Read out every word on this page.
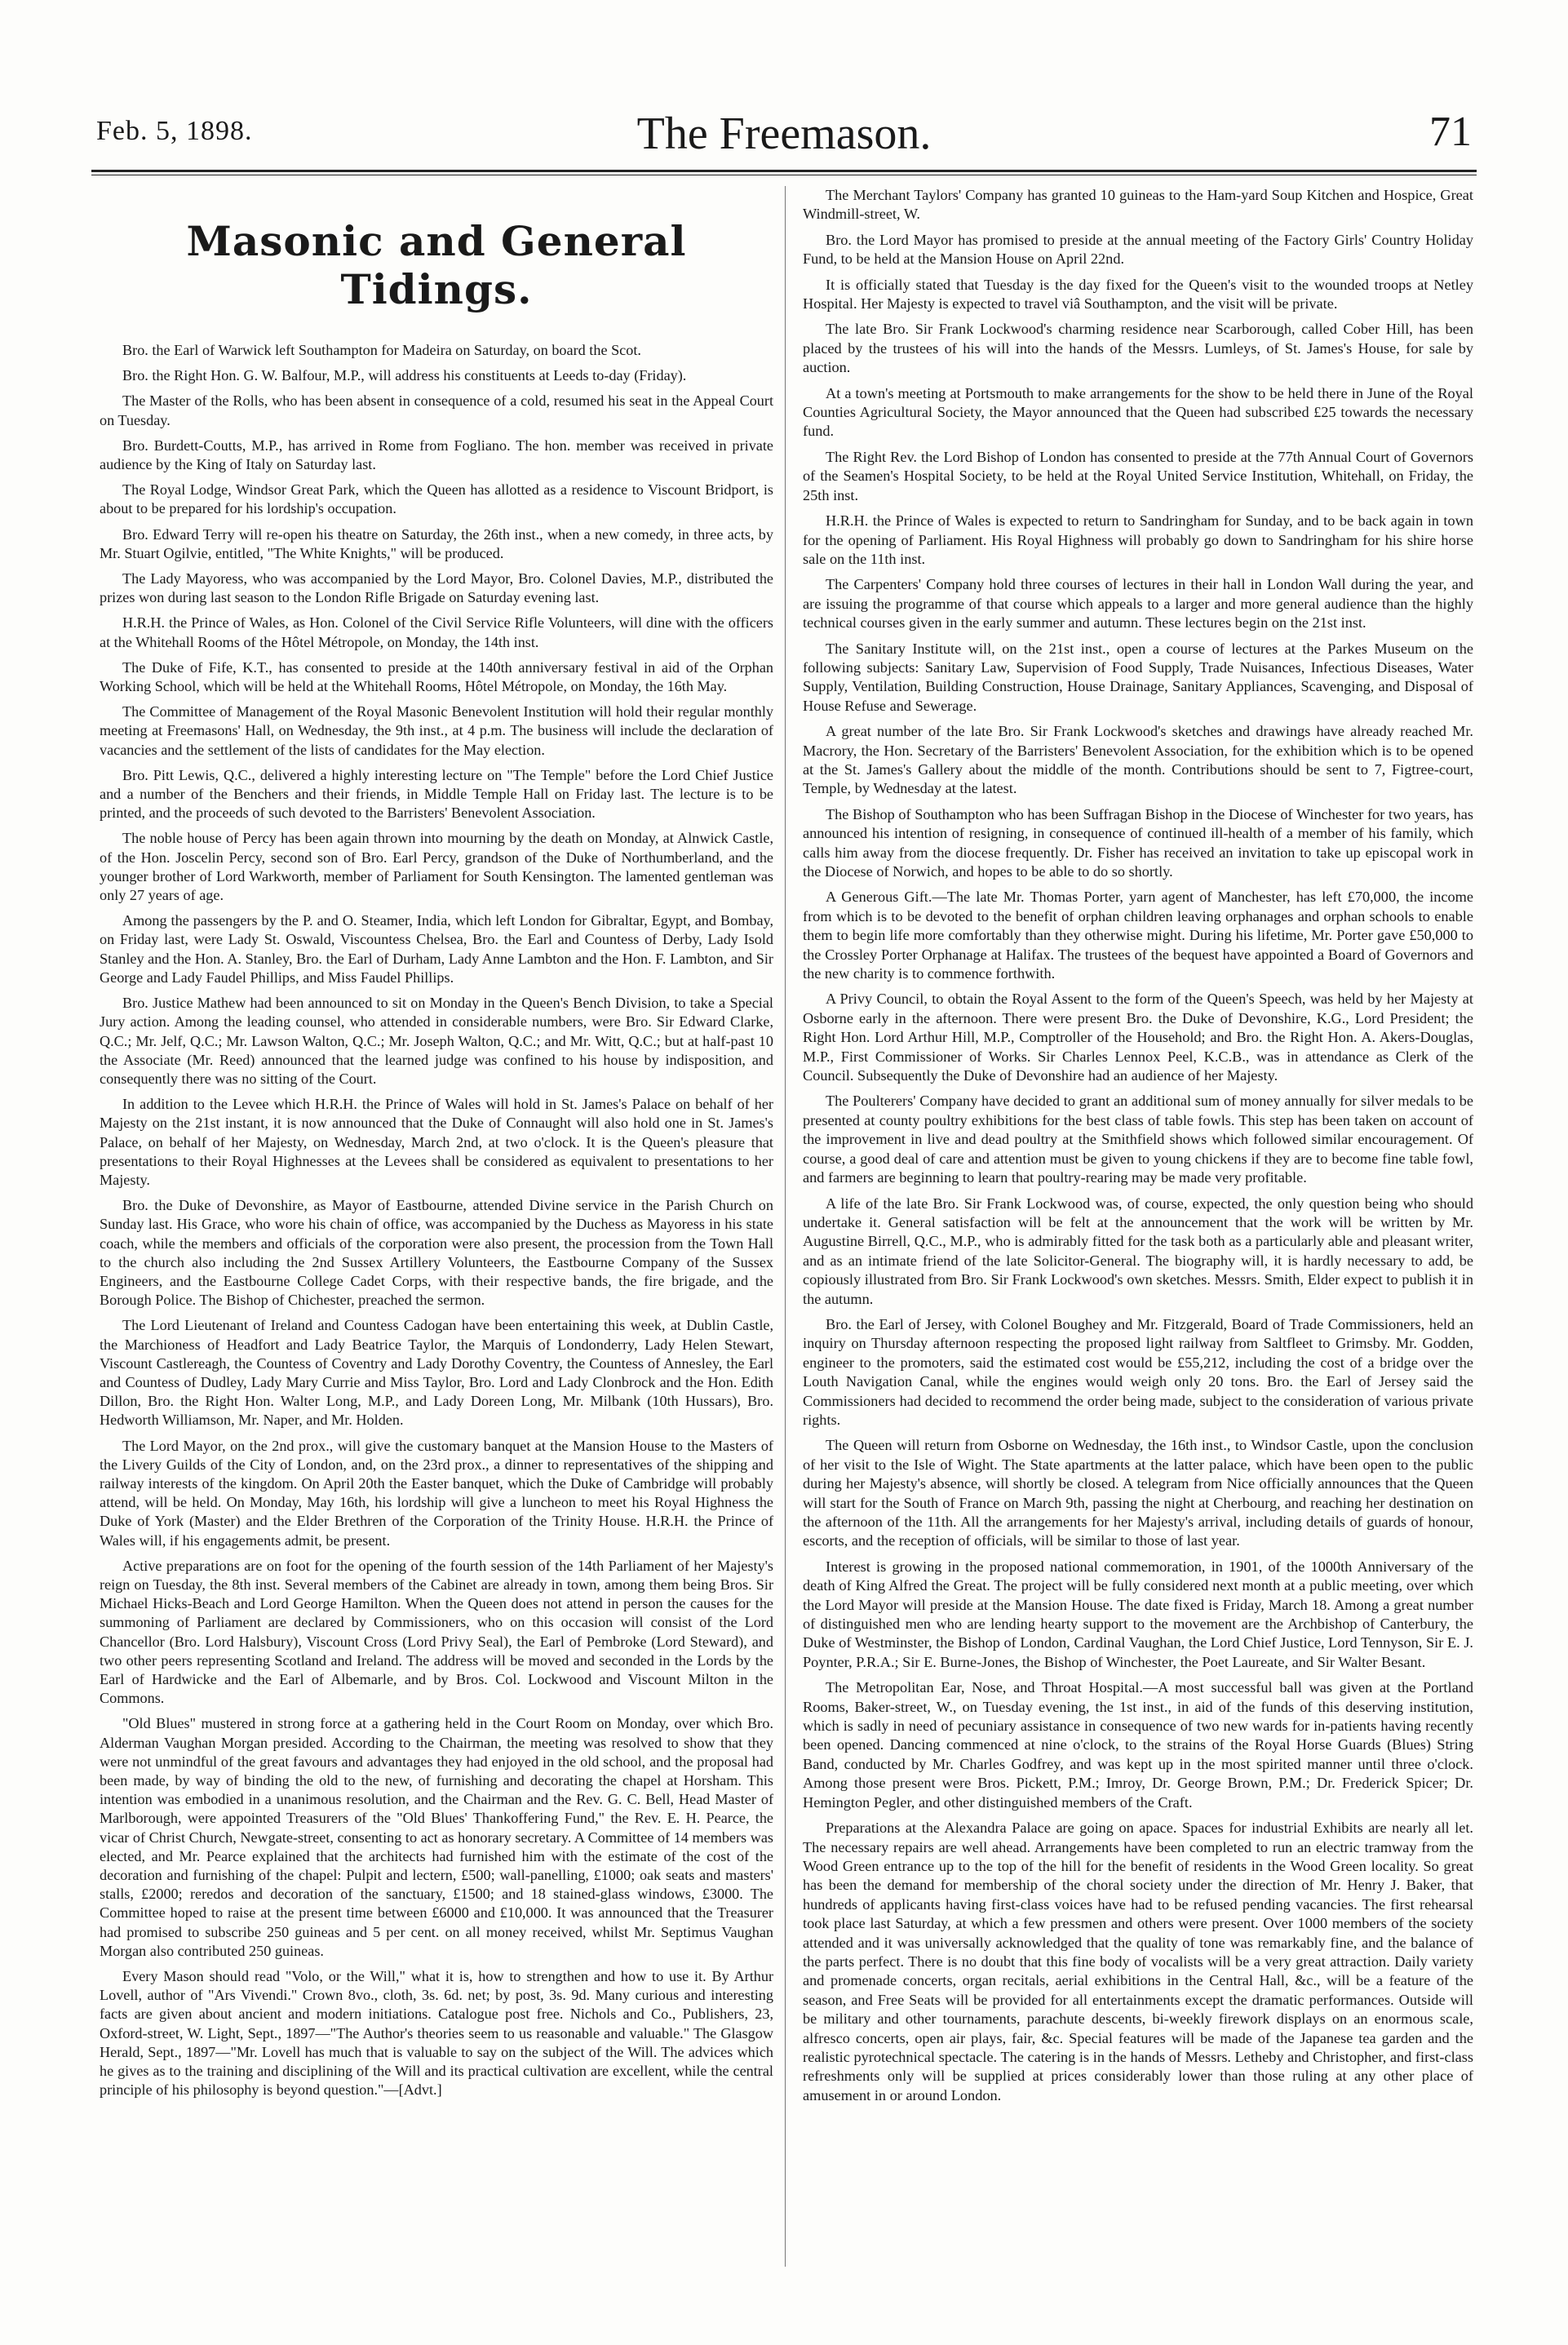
Feb. 5, 1898.	The Freemason.	71
Masonic and General Tidings.

Bro. the Earl of Warwick left Southampton for Madeira on Saturday, on board the Scot.

Bro. the Right Hon. G. W. Balfour, M.P., will address his constituents at Leeds to-day (Friday).

The Master of the Rolls, who has been absent in consequence of a cold, resumed his seat in the Appeal Court on Tuesday.

Bro. Burdett-Coutts, M.P., has arrived in Rome from Fogliano. The hon. member was received in private audience by the King of Italy on Saturday last.

The Royal Lodge, Windsor Great Park, which the Queen has allotted as a residence to Viscount Bridport, is about to be prepared for his lordship's occupation.

Bro. Edward Terry will re-open his theatre on Saturday, the 26th inst., when a new comedy, in three acts, by Mr. Stuart Ogilvie, entitled, "The White Knights," will be produced.

The Lady Mayoress, who was accompanied by the Lord Mayor, Bro. Colonel Davies, M.P., distributed the prizes won during last season to the London Rifle Brigade on Saturday evening last.

H.R.H. the Prince of Wales, as Hon. Colonel of the Civil Service Rifle Volunteers, will dine with the officers at the Whitehall Rooms of the Hôtel Métropole, on Monday, the 14th inst.

The Duke of Fife, K.T., has consented to preside at the 140th anniversary festival in aid of the Orphan Working School, which will be held at the Whitehall Rooms, Hôtel Métropole, on Monday, the 16th May.

The Committee of Management of the Royal Masonic Benevolent Institution will hold their regular monthly meeting at Freemasons' Hall, on Wednesday, the 9th inst., at 4 p.m. The business will include the declaration of vacancies and the settlement of the lists of candidates for the May election.

Bro. Pitt Lewis, Q.C., delivered a highly interesting lecture on "The Temple" before the Lord Chief Justice and a number of the Benchers and their friends, in Middle Temple Hall on Friday last. The lecture is to be printed, and the proceeds of such devoted to the Barristers' Benevolent Association.

The noble house of Percy has been again thrown into mourning by the death on Monday, at Alnwick Castle, of the Hon. Joscelin Percy, second son of Bro. Earl Percy, grandson of the Duke of Northumberland, and the younger brother of Lord Warkworth, member of Parliament for South Kensington. The lamented gentleman was only 27 years of age.

Among the passengers by the P. and O. Steamer, India, which left London for Gibraltar, Egypt, and Bombay, on Friday last, were Lady St. Oswald, Viscountess Chelsea, Bro. the Earl and Countess of Derby, Lady Isold Stanley and the Hon. A. Stanley, Bro. the Earl of Durham, Lady Anne Lambton and the Hon. F. Lambton, and Sir George and Lady Faudel Phillips, and Miss Faudel Phillips.

Bro. Justice Mathew had been announced to sit on Monday in the Queen's Bench Division, to take a Special Jury action. Among the leading counsel, who attended in considerable numbers, were Bro. Sir Edward Clarke, Q.C.; Mr. Jelf, Q.C.; Mr. Lawson Walton, Q.C.; Mr. Joseph Walton, Q.C.; and Mr. Witt, Q.C.; but at half-past 10 the Associate (Mr. Reed) announced that the learned judge was confined to his house by indisposition, and consequently there was no sitting of the Court.

In addition to the Levee which H.R.H. the Prince of Wales will hold in St. James's Palace on behalf of her Majesty on the 21st instant, it is now announced that the Duke of Connaught will also hold one in St. James's Palace, on behalf of her Majesty, on Wednesday, March 2nd, at two o'clock. It is the Queen's pleasure that presentations to their Royal Highnesses at the Levees shall be considered as equivalent to presentations to her Majesty.

Bro. the Duke of Devonshire, as Mayor of Eastbourne, attended Divine service in the Parish Church on Sunday last. His Grace, who wore his chain of office, was accompanied by the Duchess as Mayoress in his state coach, while the members and officials of the corporation were also present, the procession from the Town Hall to the church also including the 2nd Sussex Artillery Volunteers, the Eastbourne Company of the Sussex Engineers, and the Eastbourne College Cadet Corps, with their respective bands, the fire brigade, and the Borough Police. The Bishop of Chichester, preached the sermon.

The Lord Lieutenant of Ireland and Countess Cadogan have been entertaining this week, at Dublin Castle, the Marchioness of Headfort and Lady Beatrice Taylor, the Marquis of Londonderry, Lady Helen Stewart, Viscount Castlereagh, the Countess of Coventry and Lady Dorothy Coventry, the Countess of Annesley, the Earl and Countess of Dudley, Lady Mary Currie and Miss Taylor, Bro. Lord and Lady Clonbrock and the Hon. Edith Dillon, Bro. the Right Hon. Walter Long, M.P., and Lady Doreen Long, Mr. Milbank (10th Hussars), Bro. Hedworth Williamson, Mr. Naper, and Mr. Holden.

The Lord Mayor, on the 2nd prox., will give the customary banquet at the Mansion House to the Masters of the Livery Guilds of the City of London, and, on the 23rd prox., a dinner to representatives of the shipping and railway interests of the kingdom. On April 20th the Easter banquet, which the Duke of Cambridge will probably attend, will be held. On Monday, May 16th, his lordship will give a luncheon to meet his Royal Highness the Duke of York (Master) and the Elder Brethren of the Corporation of the Trinity House. H.R.H. the Prince of Wales will, if his engagements admit, be present.

Active preparations are on foot for the opening of the fourth session of the 14th Parliament of her Majesty's reign on Tuesday, the 8th inst. Several members of the Cabinet are already in town, among them being Bros. Sir Michael Hicks-Beach and Lord George Hamilton. When the Queen does not attend in person the causes for the summoning of Parliament are declared by Commissioners, who on this occasion will consist of the Lord Chancellor (Bro. Lord Halsbury), Viscount Cross (Lord Privy Seal), the Earl of Pembroke (Lord Steward), and two other peers representing Scotland and Ireland. The address will be moved and seconded in the Lords by the Earl of Hardwicke and the Earl of Albemarle, and by Bros. Col. Lockwood and Viscount Milton in the Commons.

"Old Blues" mustered in strong force at a gathering held in the Court Room on Monday, over which Bro. Alderman Vaughan Morgan presided. According to the Chairman, the meeting was resolved to show that they were not unmindful of the great favours and advantages they had enjoyed in the old school, and the proposal had been made, by way of binding the old to the new, of furnishing and decorating the chapel at Horsham. This intention was embodied in a unanimous resolution, and the Chairman and the Rev. G. C. Bell, Head Master of Marlborough, were appointed Treasurers of the "Old Blues' Thankoffering Fund," the Rev. E. H. Pearce, the vicar of Christ Church, Newgate-street, consenting to act as honorary secretary. A Committee of 14 members was elected, and Mr. Pearce explained that the architects had furnished him with the estimate of the cost of the decoration and furnishing of the chapel: Pulpit and lectern, £500; wall-panelling, £1000; oak seats and masters' stalls, £2000; reredos and decoration of the sanctuary, £1500; and 18 stained-glass windows, £3000. The Committee hoped to raise at the present time between £6000 and £10,000. It was announced that the Treasurer had promised to subscribe 250 guineas and 5 per cent. on all money received, whilst Mr. Septimus Vaughan Morgan also contributed 250 guineas.

Every Mason should read "Volo, or the Will," what it is, how to strengthen and how to use it. By Arthur Lovell, author of "Ars Vivendi." Crown 8vo., cloth, 3s. 6d. net; by post, 3s. 9d. Many curious and interesting facts are given about ancient and modern initiations. Catalogue post free. Nichols and Co., Publishers, 23, Oxford-street, W. Light, Sept., 1897—"The Author's theories seem to us reasonable and valuable." The Glasgow Herald, Sept., 1897—"Mr. Lovell has much that is valuable to say on the subject of the Will. The advices which he gives as to the training and disciplining of the Will and its practical cultivation are excellent, while the central principle of his philosophy is beyond question."—[Advt.]

The Merchant Taylors' Company has granted 10 guineas to the Ham-yard Soup Kitchen and Hospice, Great Windmill-street, W.

Bro. the Lord Mayor has promised to preside at the annual meeting of the Factory Girls' Country Holiday Fund, to be held at the Mansion House on April 22nd.

It is officially stated that Tuesday is the day fixed for the Queen's visit to the wounded troops at Netley Hospital. Her Majesty is expected to travel viâ Southampton, and the visit will be private.

The late Bro. Sir Frank Lockwood's charming residence near Scarborough, called Cober Hill, has been placed by the trustees of his will into the hands of the Messrs. Lumleys, of St. James's House, for sale by auction.

At a town's meeting at Portsmouth to make arrangements for the show to be held there in June of the Royal Counties Agricultural Society, the Mayor announced that the Queen had subscribed £25 towards the necessary fund.

The Right Rev. the Lord Bishop of London has consented to preside at the 77th Annual Court of Governors of the Seamen's Hospital Society, to be held at the Royal United Service Institution, Whitehall, on Friday, the 25th inst.

H.R.H. the Prince of Wales is expected to return to Sandringham for Sunday, and to be back again in town for the opening of Parliament. His Royal Highness will probably go down to Sandringham for his shire horse sale on the 11th inst.

The Carpenters' Company hold three courses of lectures in their hall in London Wall during the year, and are issuing the programme of that course which appeals to a larger and more general audience than the highly technical courses given in the early summer and autumn. These lectures begin on the 21st inst.

The Sanitary Institute will, on the 21st inst., open a course of lectures at the Parkes Museum on the following subjects: Sanitary Law, Supervision of Food Supply, Trade Nuisances, Infectious Diseases, Water Supply, Ventilation, Building Construction, House Drainage, Sanitary Appliances, Scavenging, and Disposal of House Refuse and Sewerage.

A great number of the late Bro. Sir Frank Lockwood's sketches and drawings have already reached Mr. Macrory, the Hon. Secretary of the Barristers' Benevolent Association, for the exhibition which is to be opened at the St. James's Gallery about the middle of the month. Contributions should be sent to 7, Figtree-court, Temple, by Wednesday at the latest.

The Bishop of Southampton who has been Suffragan Bishop in the Diocese of Winchester for two years, has announced his intention of resigning, in consequence of continued ill-health of a member of his family, which calls him away from the diocese frequently. Dr. Fisher has received an invitation to take up episcopal work in the Diocese of Norwich, and hopes to be able to do so shortly.

A Generous Gift.—The late Mr. Thomas Porter, yarn agent of Manchester, has left £70,000, the income from which is to be devoted to the benefit of orphan children leaving orphanages and orphan schools to enable them to begin life more comfortably than they otherwise might. During his lifetime, Mr. Porter gave £50,000 to the Crossley Porter Orphanage at Halifax. The trustees of the bequest have appointed a Board of Governors and the new charity is to commence forthwith.

A Privy Council, to obtain the Royal Assent to the form of the Queen's Speech, was held by her Majesty at Osborne early in the afternoon. There were present Bro. the Duke of Devonshire, K.G., Lord President; the Right Hon. Lord Arthur Hill, M.P., Comptroller of the Household; and Bro. the Right Hon. A. Akers-Douglas, M.P., First Commissioner of Works. Sir Charles Lennox Peel, K.C.B., was in attendance as Clerk of the Council. Subsequently the Duke of Devonshire had an audience of her Majesty.

The Poulterers' Company have decided to grant an additional sum of money annually for silver medals to be presented at county poultry exhibitions for the best class of table fowls. This step has been taken on account of the improvement in live and dead poultry at the Smithfield shows which followed similar encouragement. Of course, a good deal of care and attention must be given to young chickens if they are to become fine table fowl, and farmers are beginning to learn that poultry-rearing may be made very profitable.

A life of the late Bro. Sir Frank Lockwood was, of course, expected, the only question being who should undertake it. General satisfaction will be felt at the announcement that the work will be written by Mr. Augustine Birrell, Q.C., M.P., who is admirably fitted for the task both as a particularly able and pleasant writer, and as an intimate friend of the late Solicitor-General. The biography will, it is hardly necessary to add, be copiously illustrated from Bro. Sir Frank Lockwood's own sketches. Messrs. Smith, Elder expect to publish it in the autumn.

Bro. the Earl of Jersey, with Colonel Boughey and Mr. Fitzgerald, Board of Trade Commissioners, held an inquiry on Thursday afternoon respecting the proposed light railway from Saltfleet to Grimsby. Mr. Godden, engineer to the promoters, said the estimated cost would be £55,212, including the cost of a bridge over the Louth Navigation Canal, while the engines would weigh only 20 tons. Bro. the Earl of Jersey said the Commissioners had decided to recommend the order being made, subject to the consideration of various private rights.

The Queen will return from Osborne on Wednesday, the 16th inst., to Windsor Castle, upon the conclusion of her visit to the Isle of Wight. The State apartments at the latter palace, which have been open to the public during her Majesty's absence, will shortly be closed. A telegram from Nice officially announces that the Queen will start for the South of France on March 9th, passing the night at Cherbourg, and reaching her destination on the afternoon of the 11th. All the arrangements for her Majesty's arrival, including details of guards of honour, escorts, and the reception of officials, will be similar to those of last year.

Interest is growing in the proposed national commemoration, in 1901, of the 1000th Anniversary of the death of King Alfred the Great. The project will be fully considered next month at a public meeting, over which the Lord Mayor will preside at the Mansion House. The date fixed is Friday, March 18. Among a great number of distinguished men who are lending hearty support to the movement are the Archbishop of Canterbury, the Duke of Westminster, the Bishop of London, Cardinal Vaughan, the Lord Chief Justice, Lord Tennyson, Sir E. J. Poynter, P.R.A.; Sir E. Burne-Jones, the Bishop of Winchester, the Poet Laureate, and Sir Walter Besant.

The Metropolitan Ear, Nose, and Throat Hospital.—A most successful ball was given at the Portland Rooms, Baker-street, W., on Tuesday evening, the 1st inst., in aid of the funds of this deserving institution, which is sadly in need of pecuniary assistance in consequence of two new wards for in-patients having recently been opened. Dancing commenced at nine o'clock, to the strains of the Royal Horse Guards (Blues) String Band, conducted by Mr. Charles Godfrey, and was kept up in the most spirited manner until three o'clock. Among those present were Bros. Pickett, P.M.; Imroy, Dr. George Brown, P.M.; Dr. Frederick Spicer; Dr. Hemington Pegler, and other distinguished members of the Craft.

Preparations at the Alexandra Palace are going on apace. Spaces for industrial Exhibits are nearly all let. The necessary repairs are well ahead. Arrangements have been completed to run an electric tramway from the Wood Green entrance up to the top of the hill for the benefit of residents in the Wood Green locality. So great has been the demand for membership of the choral society under the direction of Mr. Henry J. Baker, that hundreds of applicants having first-class voices have had to be refused pending vacancies. The first rehearsal took place last Saturday, at which a few pressmen and others were present. Over 1000 members of the society attended and it was universally acknowledged that the quality of tone was remarkably fine, and the balance of the parts perfect. There is no doubt that this fine body of vocalists will be a very great attraction. Daily variety and promenade concerts, organ recitals, aerial exhibitions in the Central Hall, &c., will be a feature of the season, and Free Seats will be provided for all entertainments except the dramatic performances. Outside will be military and other tournaments, parachute descents, bi-weekly firework displays on an enormous scale, alfresco concerts, open air plays, fair, &c. Special features will be made of the Japanese tea garden and the realistic pyrotechnical spectacle. The catering is in the hands of Messrs. Letheby and Christopher, and first-class refreshments only will be supplied at prices considerably lower than those ruling at any other place of amusement in or around London.
